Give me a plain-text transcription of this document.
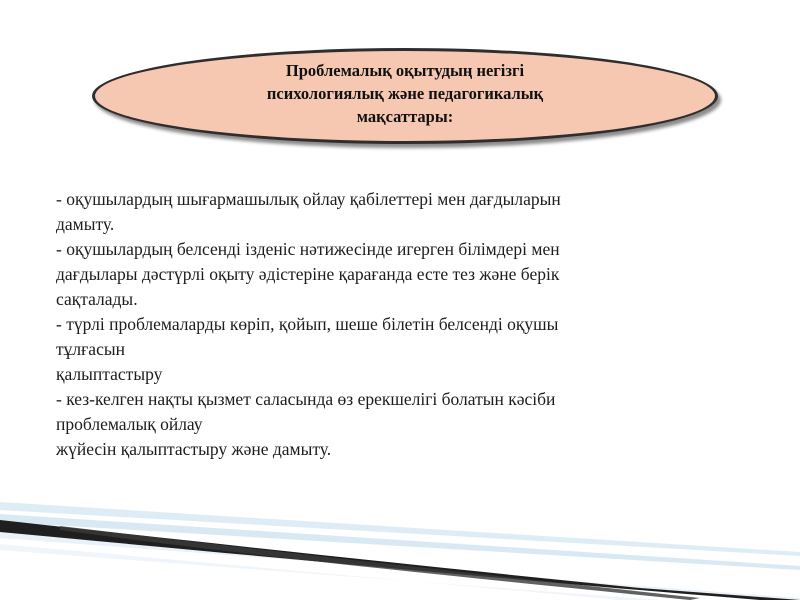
Проблемалық оқытудың негізгі
психологиялық және педагогикалық
мақсаттары:
- оқушылардың шығармашылық ойлау қабілеттері мен дағдыларын
дамыту.
- оқушылардың белсенді ізденіс нәтижесінде игерген білімдері мен
дағдылары дәстүрлі оқыту әдістеріне қарағанда есте тез және берік
сақталады.
- түрлі проблемаларды көріп, қойып, шеше білетін белсенді оқушы
тұлғасын
қалыптастыру
- кез-келген нақты қызмет саласында өз ерекшелігі болатын кәсіби
проблемалық ойлау
жүйесін қалыптастыру және дамыту.
